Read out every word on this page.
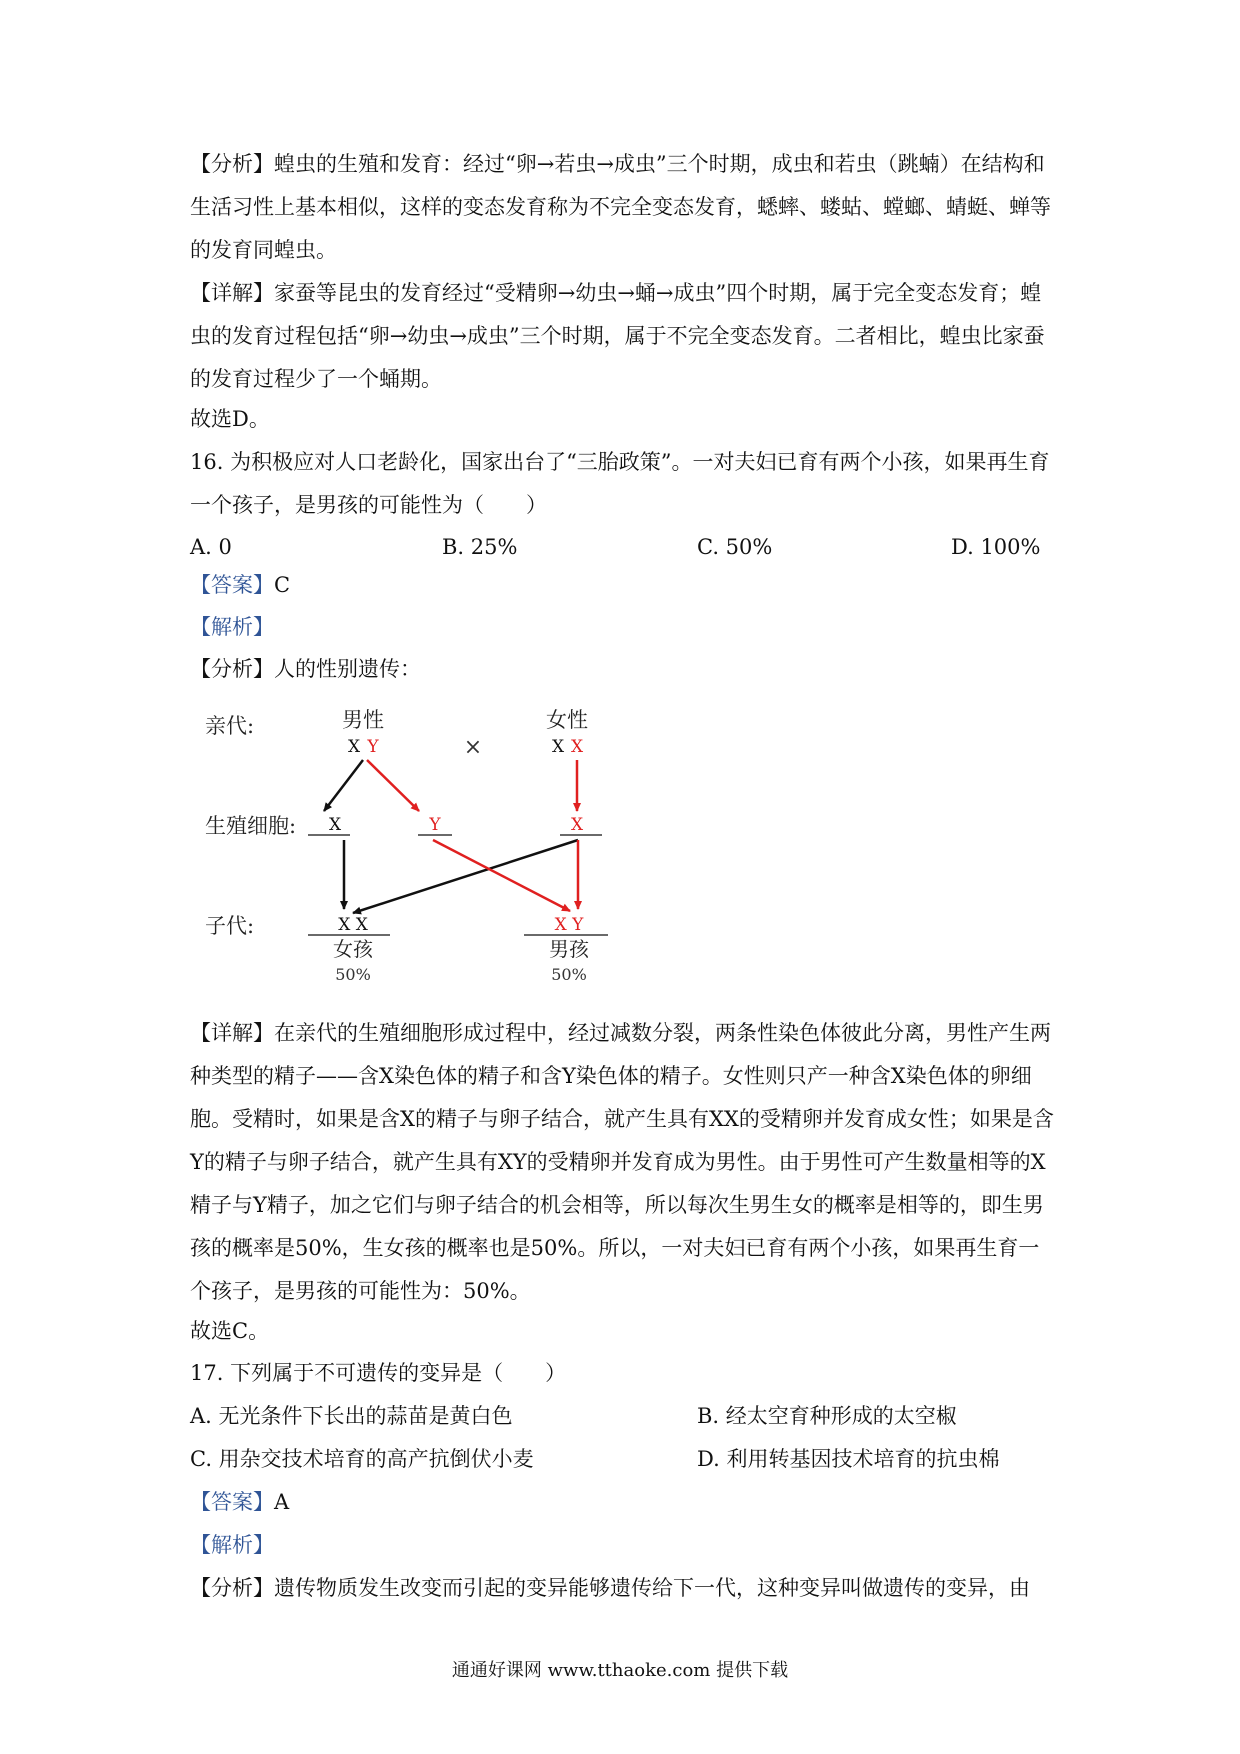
【分析】蝗虫的生殖和发育：经过“卵→若虫→成虫”三个时期，成虫和若虫（跳蝻）在结构和生活习性上基本相似，这样的变态发育称为不完全变态发育，蟋蟀、蝼蛄、螳螂、蜻蜓、蝉等的发育同蝗虫。
【详解】家蚕等昆虫的发育经过“受精卵→幼虫→蛹→成虫”四个时期，属于完全变态发育；蝗虫的发育过程包括“卵→幼虫→成虫”三个时期，属于不完全变态发育。二者相比，蝗虫比家蚕的发育过程少了一个蛹期。
故选D。
16. 为积极应对人口老龄化，国家出台了“三胎政策”。一对夫妇已育有两个小孩，如果再生育一个孩子，是男孩的可能性为（　　）
A. 0	B. 25%	C. 50%	D. 100%
【答案】C
【解析】
【分析】人的性别遗传：
亲代:
生殖细胞:
子代:
男性	女性
X Y	X X
×
X	Y	X
X X	X Y
女孩	男孩
50%	50%
【详解】在亲代的生殖细胞形成过程中，经过减数分裂，两条性染色体彼此分离，男性产生两种类型的精子——含X染色体的精子和含Y染色体的精子。女性则只产一种含X染色体的卵细胞。受精时，如果是含X的精子与卵子结合，就产生具有XX的受精卵并发育成女性；如果是含Y的精子与卵子结合，就产生具有XY的受精卵并发育成为男性。由于男性可产生数量相等的X精子与Y精子，加之它们与卵子结合的机会相等，所以每次生男生女的概率是相等的，即生男孩的概率是50%，生女孩的概率也是50%。所以，一对夫妇已育有两个小孩，如果再生育一个孩子，是男孩的可能性为：50%。
故选C。
17. 下列属于不可遗传的变异是（　　）
A. 无光条件下长出的蒜苗是黄白色	B. 经太空育种形成的太空椒
C. 用杂交技术培育的高产抗倒伏小麦	D. 利用转基因技术培育的抗虫棉
【答案】A
【解析】
【分析】遗传物质发生改变而引起的变异能够遗传给下一代，这种变异叫做遗传的变异，由
通通好课网 www.tthaoke.com 提供下载
